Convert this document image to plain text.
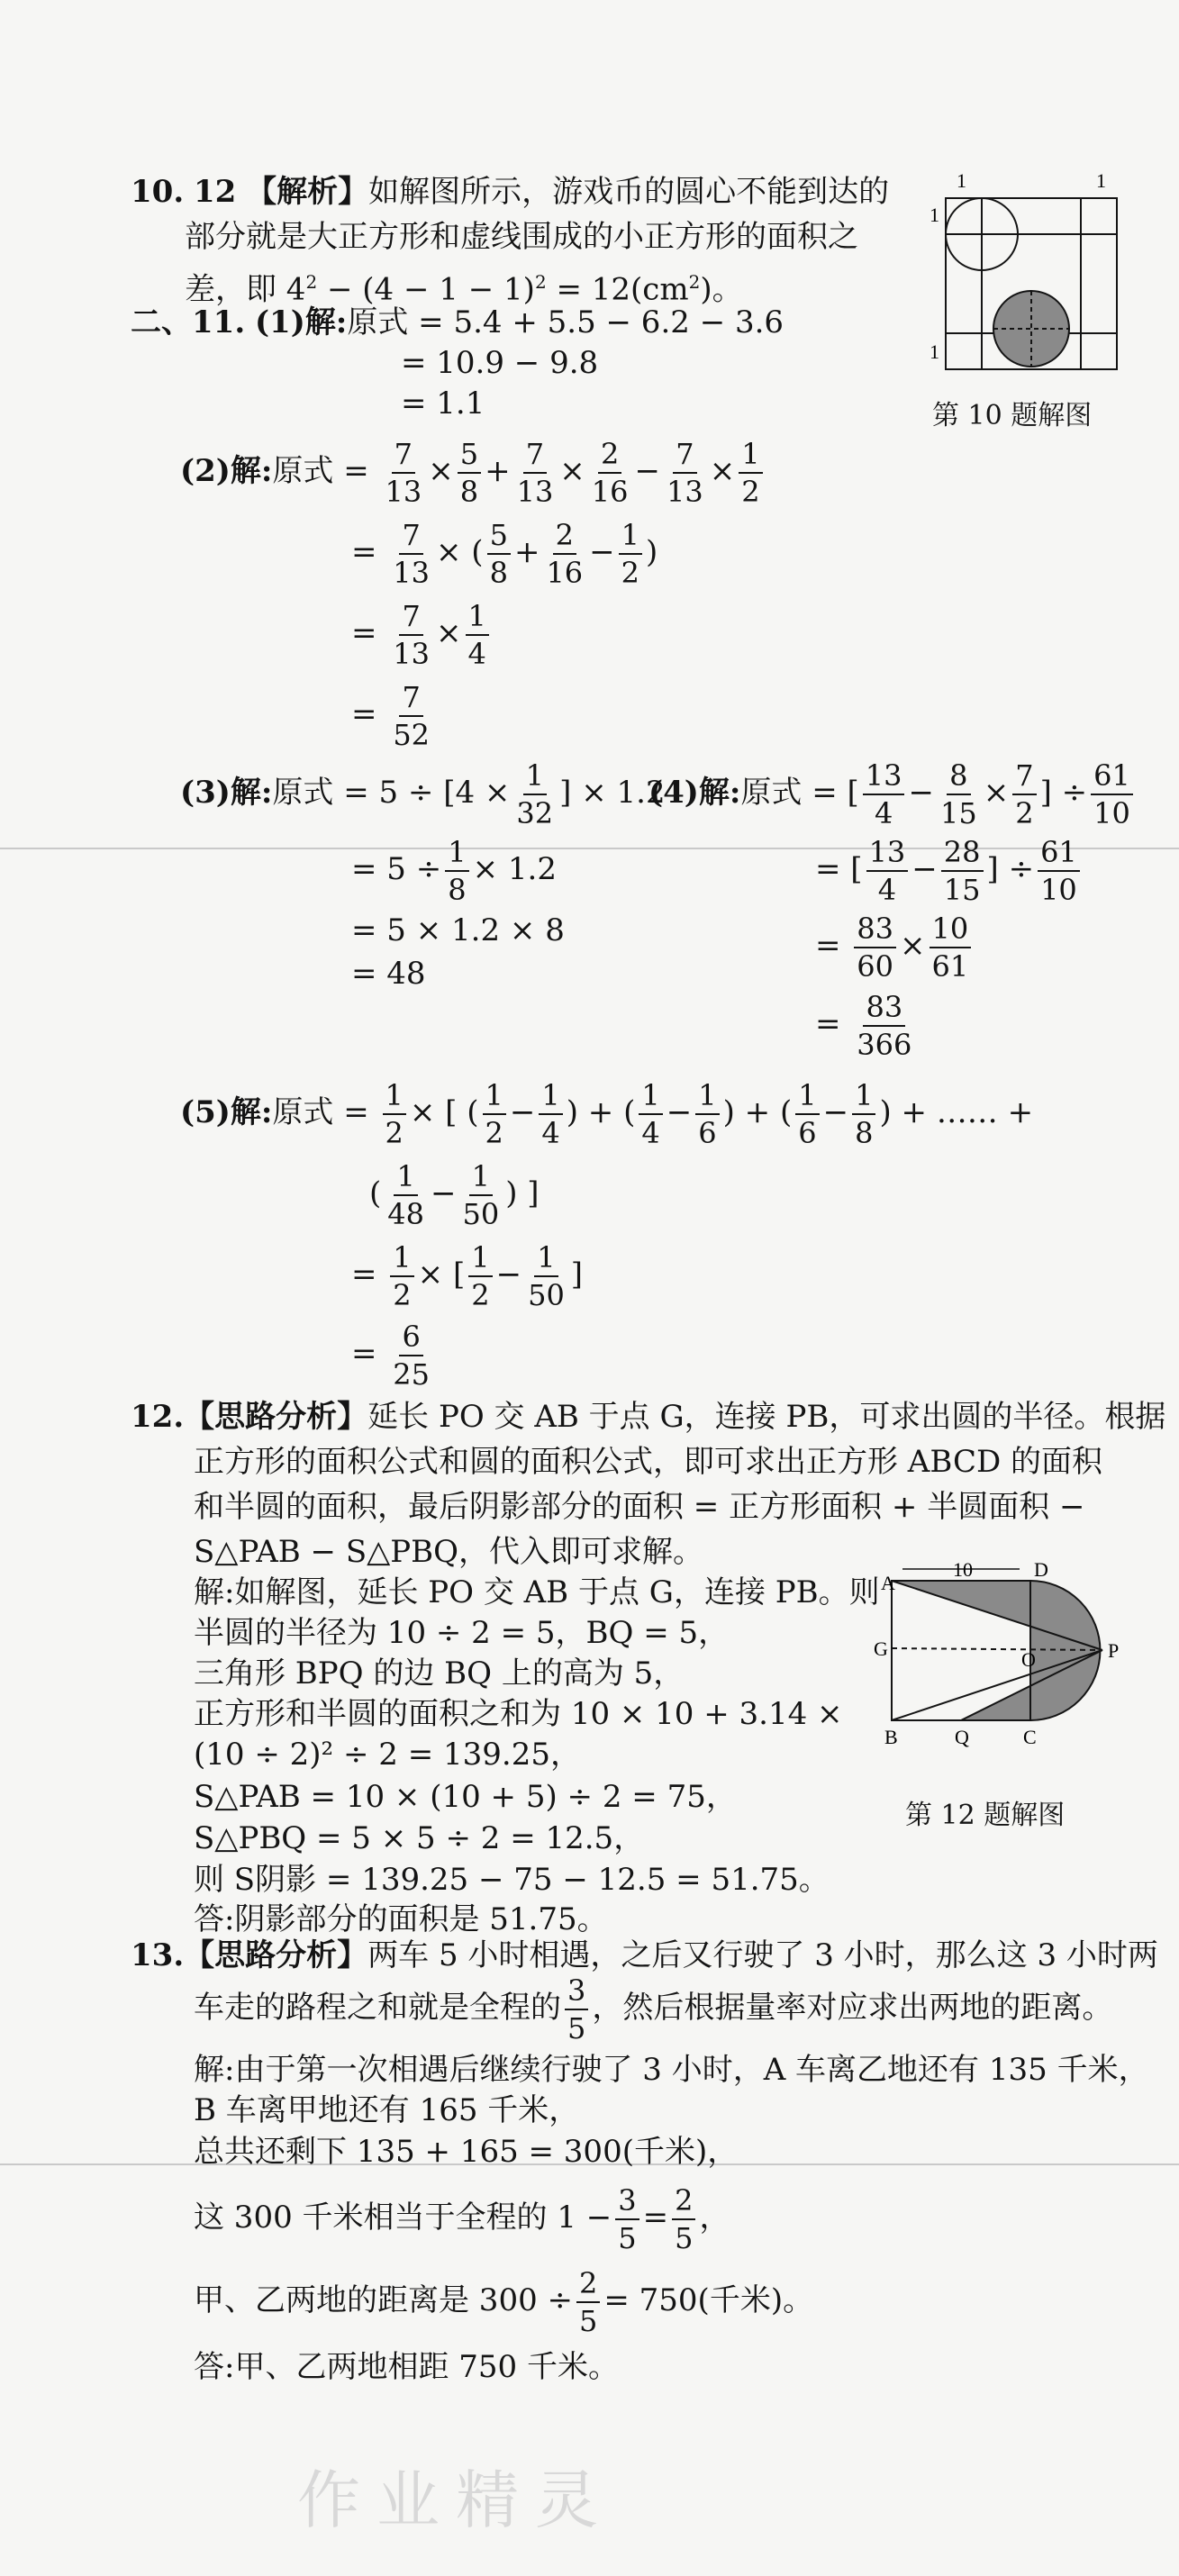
10. 12 【解析】如解图所示，游戏币的圆心不能到达的
部分就是大正方形和虚线围成的小正方形的面积之
差，即 $4^2 - (4 - 1 - 1)^2 = 12(cm^2)$。
1	1
1
1
第 10 题解图
二、11. (1)解:原式 = 5.4 + 5.5 − 6.2 − 3.6
= 10.9 − 9.8
= 1.1
(2)解:原式 = $\frac{7}{13} \times \frac{5}{8} + \frac{7}{13} \times \frac{2}{16} - \frac{7}{13} \times \frac{1}{2}$
= $\frac{7}{13}$ × ( $\frac{5}{8} + \frac{2}{16} - \frac{1}{2}$ )
= $\frac{7}{13} \times \frac{1}{4}$
= $\frac{7}{52}$
(3)解:原式 = $5 \div [4 \times \frac{1}{32}$ ] × 1.2
= $5 \div \frac{1}{8} \times 1.2$
= 5 × 1.2 × 8
= 48
(4)解:原式 = [ $\frac{13}{4} - \frac{8}{15} \times \frac{7}{2}$ ] ÷ $\frac{61}{10}$
= [ $\frac{13}{4} - \frac{28}{15}$ ] ÷ $\frac{61}{10}$
= $\frac{83}{60} \times \frac{10}{61}$
= $\frac{83}{366}$
(5)解:原式 = $\frac{1}{2}$ × [ ( $\frac{1}{2} - \frac{1}{4}$ ) + ( $\frac{1}{4} - \frac{1}{6}$ ) + ( $\frac{1}{6} - \frac{1}{8}$ ) + …… +
( $\frac{1}{48} - \frac{1}{50}$ ) ]
= $\frac{1}{2}$ × [ $\frac{1}{2} - \frac{1}{50}$ ]
= $\frac{6}{25}$
12.【思路分析】延长 PO 交 AB 于点 G，连接 PB，可求出圆的半径。根据
正方形的面积公式和圆的面积公式，即可求出正方形 ABCD 的面积
和半圆的面积，最后阴影部分的面积 = 正方形面积 + 半圆面积 −
S△PAB − S△PBQ，代入即可求解。
解:如解图，延长 PO 交 AB 于点 G，连接 PB。则
半圆的半径为 10 ÷ 2 = 5，BQ = 5，
三角形 BPQ 的边 BQ 上的高为 5，
正方形和半圆的面积之和为 10 × 10 + 3.14 ×
(10 ÷ 2)² ÷ 2 = 139.25，
S△PAB = 10 × (10 + 5) ÷ 2 = 75，
S△PBQ = 5 × 5 ÷ 2 = 12.5，
则 S阴影 = 139.25 − 75 − 12.5 = 51.75。
答:阴影部分的面积是 51.75。
A
D
G	O	P
B	Q	C
10
第 12 题解图
13.【思路分析】两车 5 小时相遇，之后又行驶了 3 小时，那么这 3 小时两
车走的路程之和就是全程的 $\frac{3}{5}$ ，然后根据量率对应求出两地的距离。
解:由于第一次相遇后继续行驶了 3 小时，A 车离乙地还有 135 千米，
B 车离甲地还有 165 千米，
总共还剩下 135 + 165 = 300(千米)，
这 300 千米相当于全程的 $1 - \frac{3}{5} = \frac{2}{5}$ ，
甲、乙两地的距离是 $300 \div \frac{2}{5} = 750$(千米)。
答:甲、乙两地相距 750 千米。
作业精灵
